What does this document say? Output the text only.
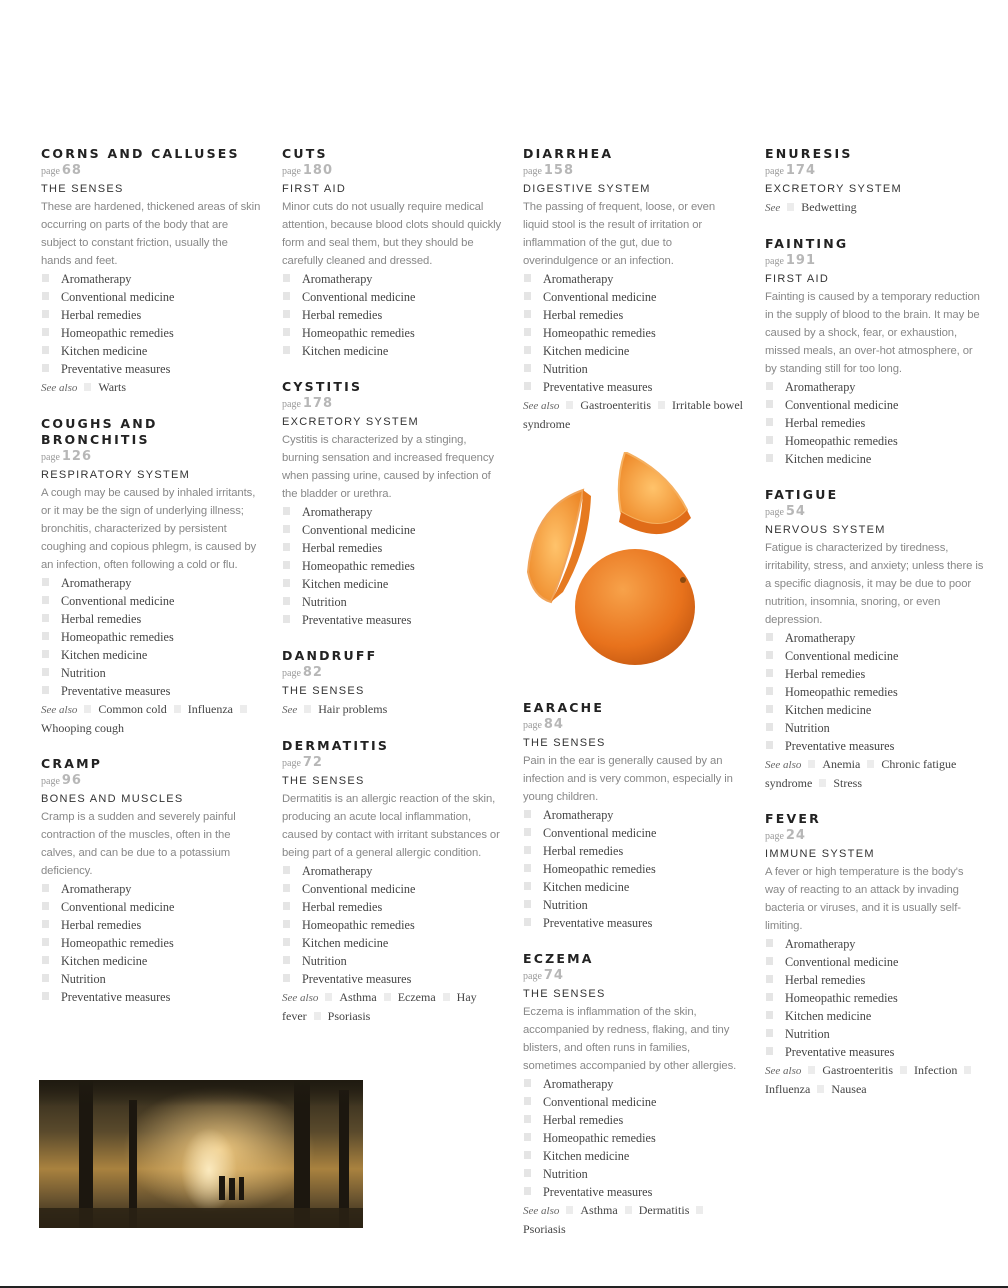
CORNS AND CALLUSES
page 68
THE SENSES
These are hardened, thickened areas of skin occurring on parts of the body that are subject to constant friction, usually the hands and feet.
Aromatherapy
Conventional medicine
Herbal remedies
Homeopathic remedies
Kitchen medicine
Preventative measures
See also Warts
COUGHS AND BRONCHITIS
page 126
RESPIRATORY SYSTEM
A cough may be caused by inhaled irritants, or it may be the sign of underlying illness; bronchitis, characterized by persistent coughing and copious phlegm, is caused by an infection, often following a cold or flu.
Aromatherapy
Conventional medicine
Herbal remedies
Homeopathic remedies
Kitchen medicine
Nutrition
Preventative measures
See also Common cold InfluenzaWhooping cough
CRAMP
page 96
BONES AND MUSCLES
Cramp is a sudden and severely painful contraction of the muscles, often in the calves, and can be due to a potassium deficiency.
Aromatherapy
Conventional medicine
Herbal remedies
Homeopathic remedies
Kitchen medicine
Nutrition
Preventative measures
CUTS
page 180
FIRST AID
Minor cuts do not usually require medical attention, because blood clots should quickly form and seal them, but they should be carefully cleaned and dressed.
Aromatherapy
Conventional medicine
Herbal remedies
Homeopathic remedies
Kitchen medicine
CYSTITIS
page 178
EXCRETORY SYSTEM
Cystitis is characterized by a stinging, burning sensation and increased frequency when passing urine, caused by infection of the bladder or urethra.
Aromatherapy
Conventional medicine
Herbal remedies
Homeopathic remedies
Kitchen medicine
Nutrition
Preventative measures
DANDRUFF
page 82
THE SENSES
See Hair problems
DERMATITIS
page 72
THE SENSES
Dermatitis is an allergic reaction of the skin, producing an acute local inflammation, caused by contact with irritant substances or being part of a general allergic condition.
Aromatherapy
Conventional medicine
Herbal remedies
Homeopathic remedies
Kitchen medicine
Nutrition
Preventative measures
See also Asthma Eczema Hay fever Psoriasis
DIARRHEA
page 158
DIGESTIVE SYSTEM
The passing of frequent, loose, or even liquid stool is the result of irritation or inflammation of the gut, due to overindulgence or an infection.
Aromatherapy
Conventional medicine
Herbal remedies
Homeopathic remedies
Kitchen medicine
Nutrition
Preventative measures
See also Gastroenteritis Irritable bowel syndrome
EARACHE
page 84
THE SENSES
Pain in the ear is generally caused by an infection and is very common, especially in young children.
Aromatherapy
Conventional medicine
Herbal remedies
Homeopathic remedies
Kitchen medicine
Nutrition
Preventative measures
ECZEMA
page 74
THE SENSES
Eczema is inflammation of the skin, accompanied by redness, flaking, and tiny blisters, and often runs in families, sometimes accompanied by other allergies.
Aromatherapy
Conventional medicine
Herbal remedies
Homeopathic remedies
Kitchen medicine
Nutrition
Preventative measures
See also Asthma DermatitisPsoriasis
ENURESIS
page 174
EXCRETORY SYSTEM
See Bedwetting
FAINTING
page 191
FIRST AID
Fainting is caused by a temporary reduction in the supply of blood to the brain. It may be caused by a shock, fear, or exhaustion, missed meals, an over-hot atmosphere, or by standing still for too long.
Aromatherapy
Conventional medicine
Herbal remedies
Homeopathic remedies
Kitchen medicine
FATIGUE
page 54
NERVOUS SYSTEM
Fatigue is characterized by tiredness, irritability, stress, and anxiety; unless there is a specific diagnosis, it may be due to poor nutrition, insomnia, snoring, or even depression.
Aromatherapy
Conventional medicine
Herbal remedies
Homeopathic remedies
Kitchen medicine
Nutrition
Preventative measures
See also Anemia Chronic fatigue syndrome Stress
FEVER
page 24
IMMUNE SYSTEM
A fever or high temperature is the body's way of reacting to an attack by invading bacteria or viruses, and it is usually self-limiting.
Aromatherapy
Conventional medicine
Herbal remedies
Homeopathic remedies
Kitchen medicine
Nutrition
Preventative measures
See also Gastroenteritis InfectionInfluenza Nausea
